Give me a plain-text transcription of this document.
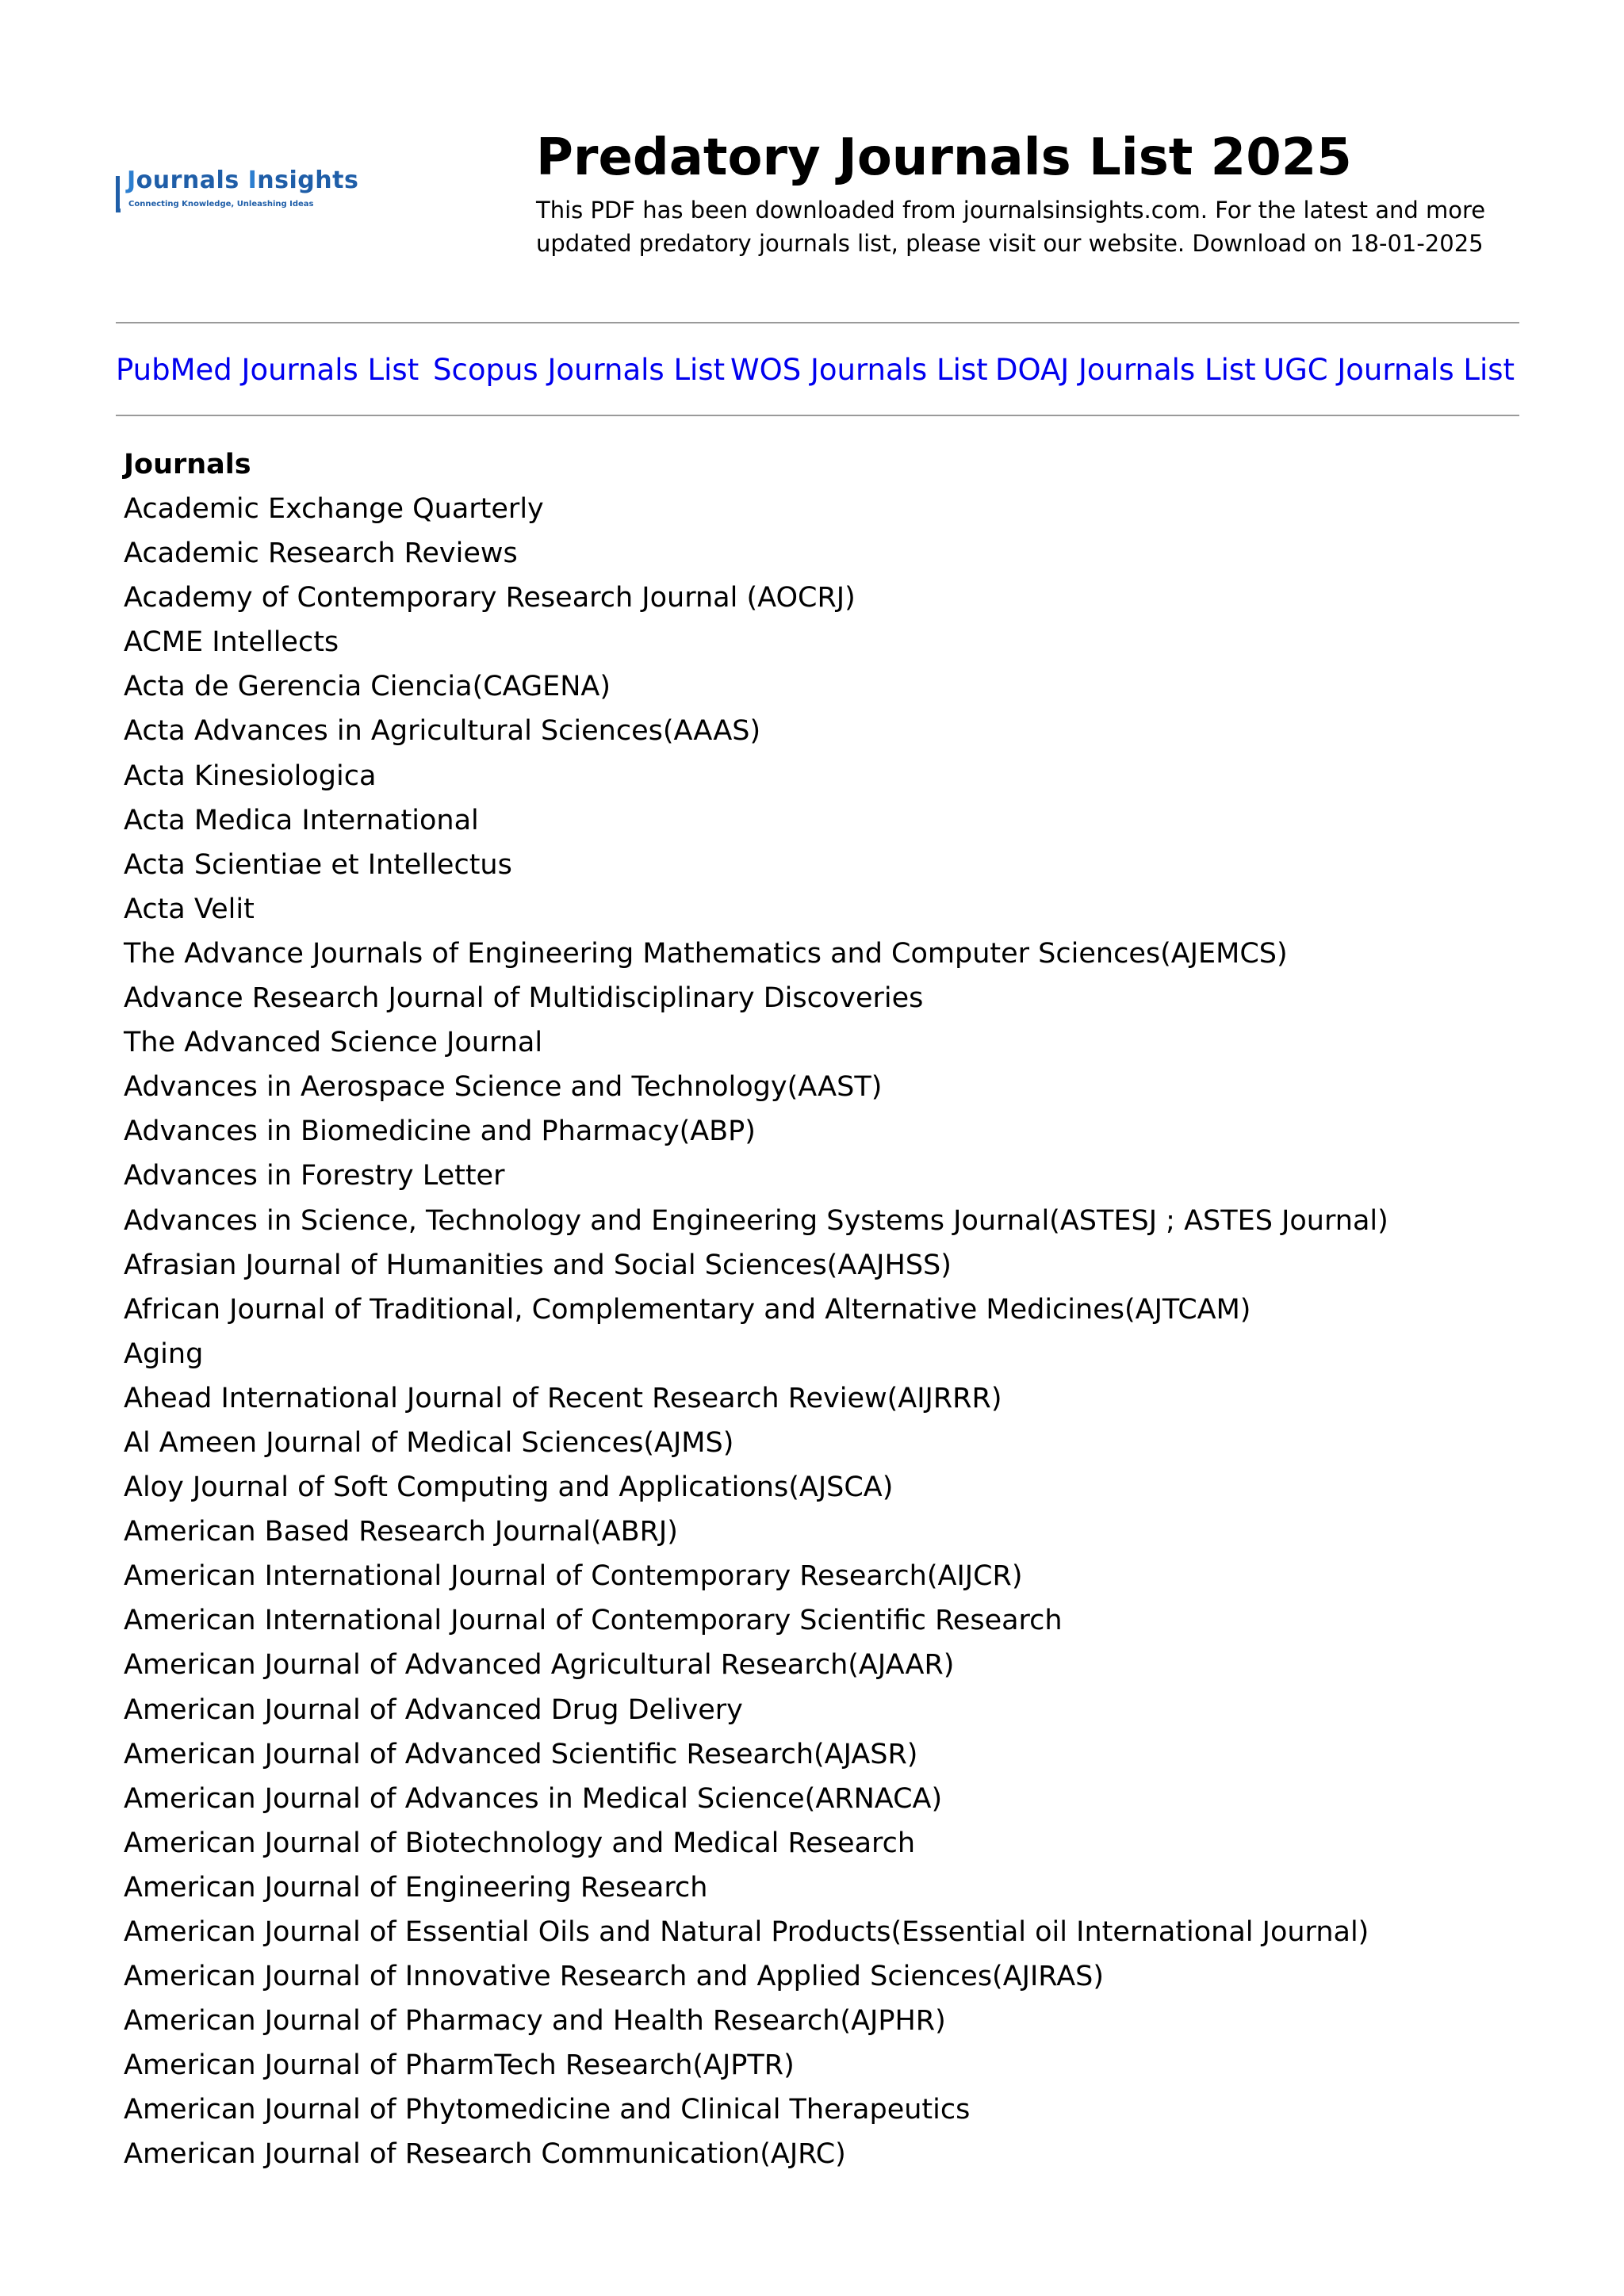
Journals Insights
Connecting Knowledge, Unleashing Ideas
Predatory Journals List 2025
This PDF has been downloaded from journalsinsights.com. For the latest and more updated predatory journals list, please visit our website. Download on 18-01-2025
PubMed Journals List Scopus Journals List WOS Journals List DOAJ Journals List UGC Journals List
Journals
Academic Exchange Quarterly
Academic Research Reviews
Academy of Contemporary Research Journal (AOCRJ)
ACME Intellects
Acta de Gerencia Ciencia(CAGENA)
Acta Advances in Agricultural Sciences(AAAS)
Acta Kinesiologica
Acta Medica International
Acta Scientiae et Intellectus
Acta Velit
The Advance Journals of Engineering Mathematics and Computer Sciences(AJEMCS)
Advance Research Journal of Multidisciplinary Discoveries
The Advanced Science Journal
Advances in Aerospace Science and Technology(AAST)
Advances in Biomedicine and Pharmacy(ABP)
Advances in Forestry Letter
Advances in Science, Technology and Engineering Systems Journal(ASTESJ ; ASTES Journal)
Afrasian Journal of Humanities and Social Sciences(AAJHSS)
African Journal of Traditional, Complementary and Alternative Medicines(AJTCAM)
Aging
Ahead International Journal of Recent Research Review(AIJRRR)
Al Ameen Journal of Medical Sciences(AJMS)
Aloy Journal of Soft Computing and Applications(AJSCA)
American Based Research Journal(ABRJ)
American International Journal of Contemporary Research(AIJCR)
American International Journal of Contemporary Scientific Research
American Journal of Advanced Agricultural Research(AJAAR)
American Journal of Advanced Drug Delivery
American Journal of Advanced Scientific Research(AJASR)
American Journal of Advances in Medical Science(ARNACA)
American Journal of Biotechnology and Medical Research
American Journal of Engineering Research
American Journal of Essential Oils and Natural Products(Essential oil International Journal)
American Journal of Innovative Research and Applied Sciences(AJIRAS)
American Journal of Pharmacy and Health Research(AJPHR)
American Journal of PharmTech Research(AJPTR)
American Journal of Phytomedicine and Clinical Therapeutics
American Journal of Research Communication(AJRC)
